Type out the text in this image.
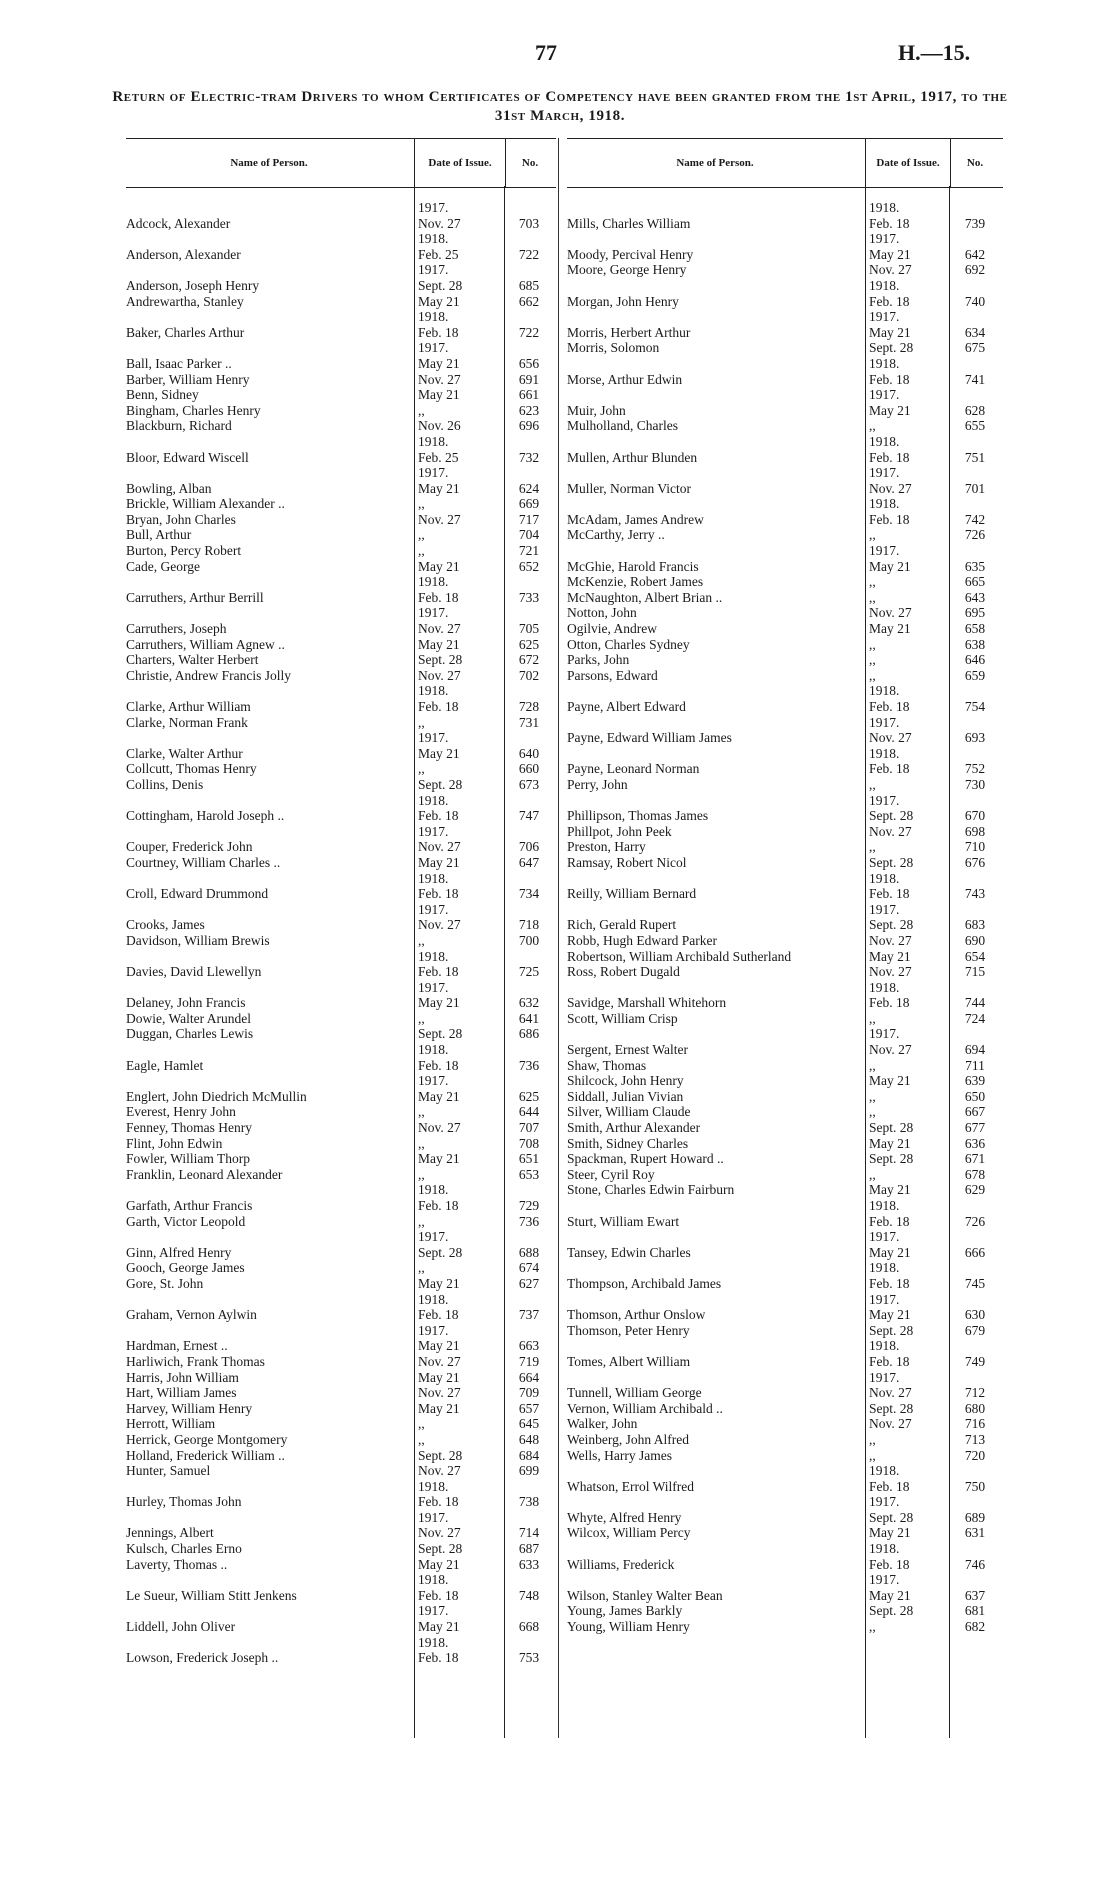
77	H.—15.
Return of Electric-tram Drivers to whom Certificates of Competency have been granted from the 1st April, 1917, to the 31st March, 1918.
Name of Person.	Date of Issue.	No.
1917.
Adcock, Alexander	Nov. 27	703
1918.
Anderson, Alexander	Feb. 25	722
1917.
Anderson, Joseph Henry	Sept. 28	685
Andrewartha, Stanley	May 21	662
1918.
Baker, Charles Arthur	Feb. 18	722
1917.
Ball, Isaac Parker ..	May 21	656
Barber, William Henry	Nov. 27	691
Benn, Sidney	May 21	661
Bingham, Charles Henry	,,	623
Blackburn, Richard	Nov. 26	696
1918.
Bloor, Edward Wiscell	Feb. 25	732
1917.
Bowling, Alban	May 21	624
Brickle, William Alexander ..	,,	669
Bryan, John Charles	Nov. 27	717
Bull, Arthur	,,	704
Burton, Percy Robert	,,	721
Cade, George	May 21	652
1918.
Carruthers, Arthur Berrill	Feb. 18	733
1917.
Carruthers, Joseph	Nov. 27	705
Carruthers, William Agnew ..	May 21	625
Charters, Walter Herbert	Sept. 28	672
Christie, Andrew Francis Jolly	Nov. 27	702
1918.
Clarke, Arthur William	Feb. 18	728
Clarke, Norman Frank	,,	731
1917.
Clarke, Walter Arthur	May 21	640
Collcutt, Thomas Henry	,,	660
Collins, Denis	Sept. 28	673
1918.
Cottingham, Harold Joseph ..	Feb. 18	747
1917.
Couper, Frederick John	Nov. 27	706
Courtney, William Charles ..	May 21	647
1918.
Croll, Edward Drummond	Feb. 18	734
1917.
Crooks, James	Nov. 27	718
Davidson, William Brewis	,,	700
1918.
Davies, David Llewellyn	Feb. 18	725
1917.
Delaney, John Francis	May 21	632
Dowie, Walter Arundel	,,	641
Duggan, Charles Lewis	Sept. 28	686
1918.
Eagle, Hamlet	Feb. 18	736
1917.
Englert, John Diedrich McMullin	May 21	625
Everest, Henry John	,,	644
Fenney, Thomas Henry	Nov. 27	707
Flint, John Edwin	,,	708
Fowler, William Thorp	May 21	651
Franklin, Leonard Alexander	,,	653
1918.
Garfath, Arthur Francis	Feb. 18	729
Garth, Victor Leopold	,,	736
1917.
Ginn, Alfred Henry	Sept. 28	688
Gooch, George James	,,	674
Gore, St. John	May 21	627
1918.
Graham, Vernon Aylwin	Feb. 18	737
1917.
Hardman, Ernest ..	May 21	663
Harliwich, Frank Thomas	Nov. 27	719
Harris, John William	May 21	664
Hart, William James	Nov. 27	709
Harvey, William Henry	May 21	657
Herrott, William	,,	645
Herrick, George Montgomery	,,	648
Holland, Frederick William ..	Sept. 28	684
Hunter, Samuel	Nov. 27	699
1918.
Hurley, Thomas John	Feb. 18	738
1917.
Jennings, Albert	Nov. 27	714
Kulsch, Charles Erno	Sept. 28	687
Laverty, Thomas ..	May 21	633
1918.
Le Sueur, William Stitt Jenkens	Feb. 18	748
1917.
Liddell, John Oliver	May 21	668
1918.
Lowson, Frederick Joseph ..	Feb. 18	753
Name of Person.	Date of Issue.	No.
1918.
Mills, Charles William	Feb. 18	739
1917.
Moody, Percival Henry	May 21	642
Moore, George Henry	Nov. 27	692
1918.
Morgan, John Henry	Feb. 18	740
1917.
Morris, Herbert Arthur	May 21	634
Morris, Solomon	Sept. 28	675
1918.
Morse, Arthur Edwin	Feb. 18	741
1917.
Muir, John	May 21	628
Mulholland, Charles	,,	655
1918.
Mullen, Arthur Blunden	Feb. 18	751
1917.
Muller, Norman Victor	Nov. 27	701
1918.
McAdam, James Andrew	Feb. 18	742
McCarthy, Jerry ..	,,	726
1917.
McGhie, Harold Francis	May 21	635
McKenzie, Robert James	,,	665
McNaughton, Albert Brian ..	,,	643
Notton, John	Nov. 27	695
Ogilvie, Andrew	May 21	658
Otton, Charles Sydney	,,	638
Parks, John	,,	646
Parsons, Edward	,,	659
1918.
Payne, Albert Edward	Feb. 18	754
1917.
Payne, Edward William James	Nov. 27	693
1918.
Payne, Leonard Norman	Feb. 18	752
Perry, John	,,	730
1917.
Phillipson, Thomas James	Sept. 28	670
Phillpot, John Peek	Nov. 27	698
Preston, Harry	,,	710
Ramsay, Robert Nicol	Sept. 28	676
1918.
Reilly, William Bernard	Feb. 18	743
1917.
Rich, Gerald Rupert	Sept. 28	683
Robb, Hugh Edward Parker	Nov. 27	690
Robertson, William Archibald Sutherland	May 21	654
Ross, Robert Dugald	Nov. 27	715
1918.
Savidge, Marshall Whitehorn	Feb. 18	744
Scott, William Crisp	,,	724
1917.
Sergent, Ernest Walter	Nov. 27	694
Shaw, Thomas	,,	711
Shilcock, John Henry	May 21	639
Siddall, Julian Vivian	,,	650
Silver, William Claude	,,	667
Smith, Arthur Alexander	Sept. 28	677
Smith, Sidney Charles	May 21	636
Spackman, Rupert Howard ..	Sept. 28	671
Steer, Cyril Roy	,,	678
Stone, Charles Edwin Fairburn	May 21	629
1918.
Sturt, William Ewart	Feb. 18	726
1917.
Tansey, Edwin Charles	May 21	666
1918.
Thompson, Archibald James	Feb. 18	745
1917.
Thomson, Arthur Onslow	May 21	630
Thomson, Peter Henry	Sept. 28	679
1918.
Tomes, Albert William	Feb. 18	749
1917.
Tunnell, William George	Nov. 27	712
Vernon, William Archibald ..	Sept. 28	680
Walker, John	Nov. 27	716
Weinberg, John Alfred	,,	713
Wells, Harry James	,,	720
1918.
Whatson, Errol Wilfred	Feb. 18	750
1917.
Whyte, Alfred Henry	Sept. 28	689
Wilcox, William Percy	May 21	631
1918.
Williams, Frederick	Feb. 18	746
1917.
Wilson, Stanley Walter Bean	May 21	637
Young, James Barkly	Sept. 28	681
Young, William Henry	,,	682
